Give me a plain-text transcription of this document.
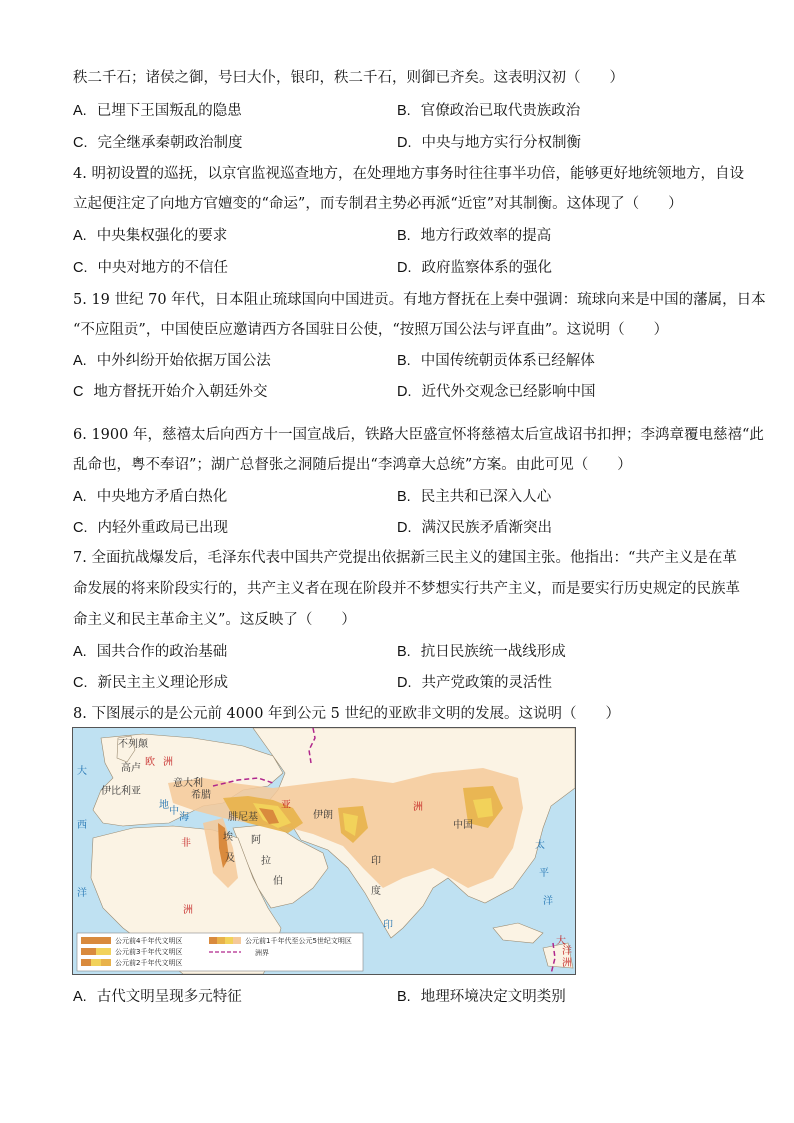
秩二千石；诸侯之御，号曰大仆，银印，秩二千石，则御已齐矣。这表明汉初（　　）
A. 已埋下王国叛乱的隐患	B. 官僚政治已取代贵族政治
C. 完全继承秦朝政治制度	D. 中央与地方实行分权制衡
4. 明初设置的巡抚，以京官监视巡查地方，在处理地方事务时往往事半功倍，能够更好地统领地方，自设
立起便注定了向地方官嬗变的“命运”，而专制君主势必再派“近宦”对其制衡。这体现了（　　）
A. 中央集权强化的要求	B. 地方行政效率的提高
C. 中央对地方的不信任	D. 政府监察体系的强化
5. 19 世纪 70 年代，日本阻止琉球国向中国进贡。有地方督抚在上奏中强调：琉球向来是中国的藩属，日本
“不应阻贡”，中国使臣应邀请西方各国驻日公使，“按照万国公法与评直曲”。这说明（　　）
A. 中外纠纷开始依据万国公法	B. 中国传统朝贡体系已经解体
C 地方督抚开始介入朝廷外交	D. 近代外交观念已经影响中国
6. 1900 年，慈禧太后向西方十一国宣战后，铁路大臣盛宣怀将慈禧太后宣战诏书扣押；李鸿章覆电慈禧“此
乱命也，粤不奉诏”；湖广总督张之洞随后提出“李鸿章大总统”方案。由此可见（　　）
A. 中央地方矛盾白热化	B. 民主共和已深入人心
C. 内轻外重政局已出现	D. 满汉民族矛盾渐突出
7. 全面抗战爆发后，毛泽东代表中国共产党提出依据新三民主义的建国主张。他指出：“共产主义是在革
命发展的将来阶段实行的，共产主义者在现在阶段并不梦想实行共产主义，而是要实行历史规定的民族革
命主义和民主革命主义”。这反映了（　　）
A. 国共合作的政治基础	B. 抗日民族统一战线形成
C. 新民主主义理论形成	D. 共产党政策的灵活性
8. 下图展示的是公元前 4000 年到公元 5 世纪的亚欧非文明的发展。这说明（　　）
不列颠
高卢
欧 洲
意大利
伊比利亚	希腊
亚	洲
伊朗
腓尼基
阿
拉
伯
埃
及
非
洲
印
度
中国
大
西
洋
太
平
洋
印
大
洋
洲
地
中
海
公元前4千年代文明区
公元前3千年代文明区
公元前2千年代文明区
公元前1千年代至公元5世纪文明区
洲界
A. 古代文明呈现多元特征	B. 地理环境决定文明类别
